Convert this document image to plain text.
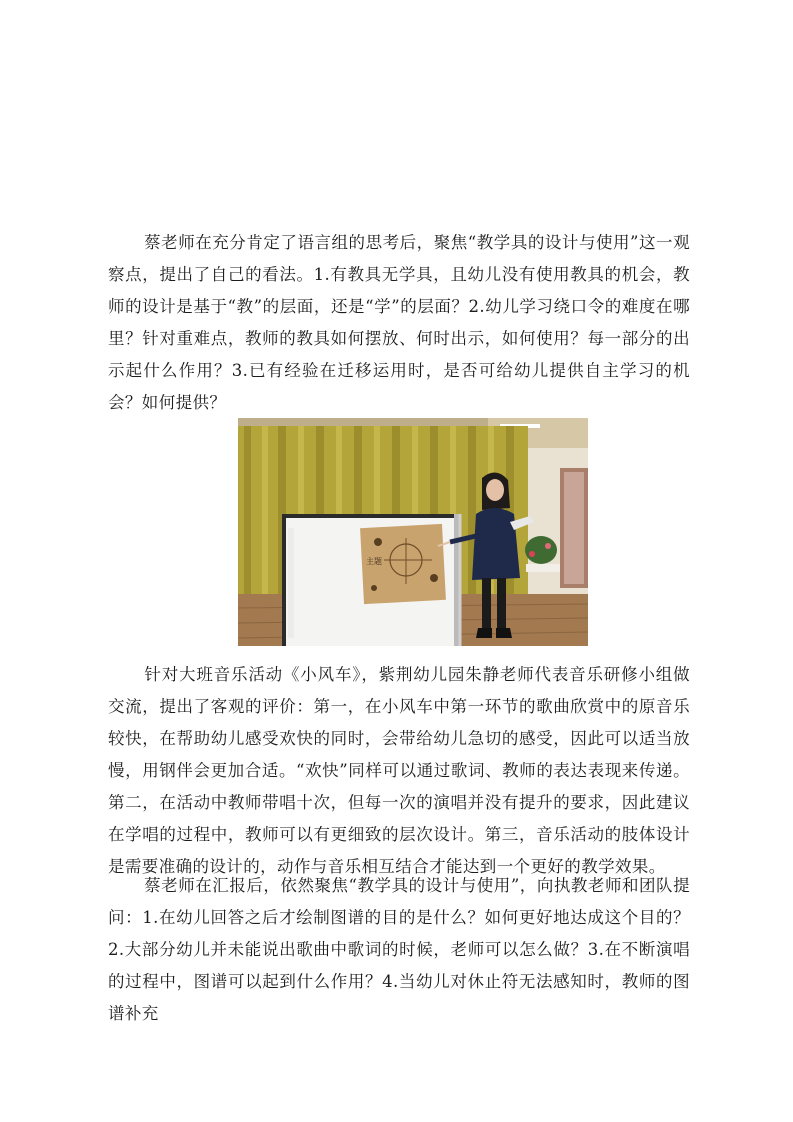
蔡老师在充分肯定了语言组的思考后，聚焦“教学具的设计与使用”这一观察点，提出了自己的看法。1.有教具无学具，且幼儿没有使用教具的机会，教师的设计是基于“教”的层面，还是“学”的层面？2.幼儿学习绕口令的难度在哪里？针对重难点，教师的教具如何摆放、何时出示，如何使用？每一部分的出示起什么作用？3.已有经验在迁移运用时，是否可给幼儿提供自主学习的机会？如何提供？

主题

针对大班音乐活动《小风车》，紫荆幼儿园朱静老师代表音乐研修小组做交流，提出了客观的评价：第一，在小风车中第一环节的歌曲欣赏中的原音乐较快，在帮助幼儿感受欢快的同时，会带给幼儿急切的感受，因此可以适当放慢，用钢伴会更加合适。“欢快”同样可以通过歌词、教师的表达表现来传递。第二，在活动中教师带唱十次，但每一次的演唱并没有提升的要求，因此建议在学唱的过程中，教师可以有更细致的层次设计。第三，音乐活动的肢体设计是需要准确的设计的，动作与音乐相互结合才能达到一个更好的教学效果。

蔡老师在汇报后，依然聚焦“教学具的设计与使用”，向执教老师和团队提问：1.在幼儿回答之后才绘制图谱的目的是什么？如何更好地达成这个目的？2.大部分幼儿并未能说出歌曲中歌词的时候，老师可以怎么做？3.在不断演唱的过程中，图谱可以起到什么作用？4.当幼儿对休止符无法感知时，教师的图谱补充
